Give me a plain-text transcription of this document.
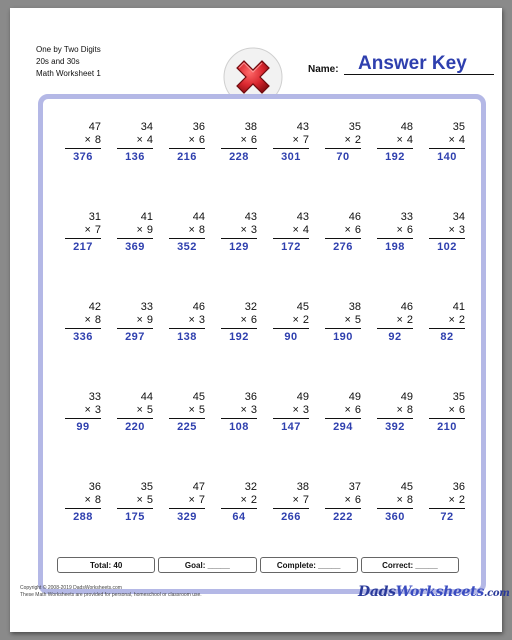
One by Two Digits
20s and 30s
Math Worksheet 1	Name: Answer Key
47
× 8
376
34
× 4
136
36
× 6
216
38
× 6
228
43
× 7
301
35
× 2
70
48
× 4
192
35
× 4
140
31
× 7
217
41
× 9
369
44
× 8
352
43
× 3
129
43
× 4
172
46
× 6
276
33
× 6
198
34
× 3
102
42
× 8
336
33
× 9
297
46
× 3
138
32
× 6
192
45
× 2
90
38
× 5
190
46
× 2
92
41
× 2
82
33
× 3
99
44
× 5
220
45
× 5
225
36
× 3
108
49
× 3
147
49
× 6
294
49
× 8
392
35
× 6
210
36
× 8
288
35
× 5
175
47
× 7
329
32
× 2
64
38
× 7
266
37
× 6
222
45
× 8
360
36
× 2
72
Total: 40	Goal: _____	Complete: _____	Correct: _____
Copyright © 2008-2019 DadsWorksheets.com
These Math Worksheets are provided for personal, homeschool or classroom use.	DadsWorksheets.com
